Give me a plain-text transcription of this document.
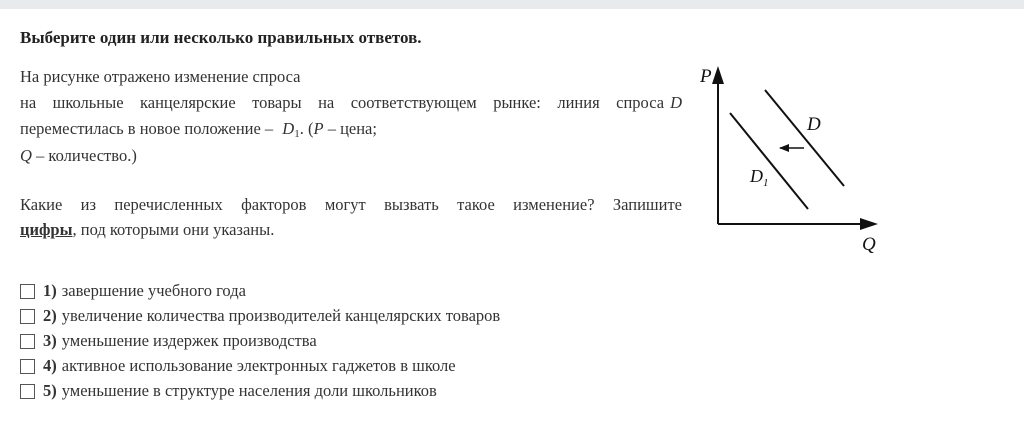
Выберите один или несколько правильных ответов.
На рисунке отражено изменение спроса
на школьные канцелярские товары на соответствующем рынке: линия спроса D
переместилась в новое положение – $D_1$. (P – цена;
Q – количество.)
Какие из перечисленных факторов могут вызвать такое изменение? Запишите
цифры, под которыми они указаны.
P
Q
D
D 1
1) завершение учебного года
2) увеличение количества производителей канцелярских товаров
3) уменьшение издержек производства
4) активное использование электронных гаджетов в школе
5) уменьшение в структуре населения доли школьников
